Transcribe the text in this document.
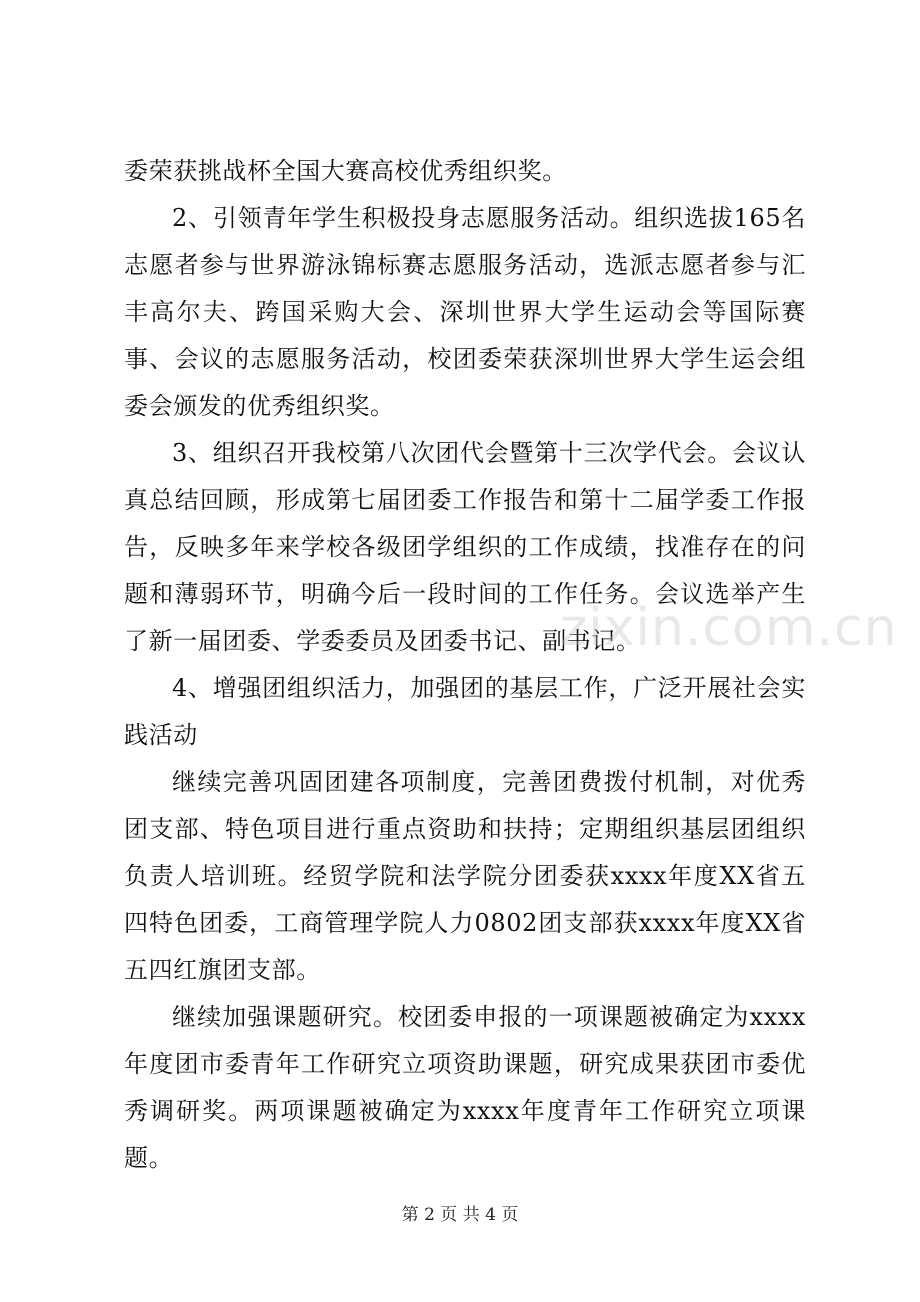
委荣获挑战杯全国大赛高校优秀组织奖。

2、引领青年学生积极投身志愿服务活动。组织选拔165名志愿者参与世界游泳锦标赛志愿服务活动，选派志愿者参与汇丰高尔夫、跨国采购大会、深圳世界大学生运动会等国际赛事、会议的志愿服务活动，校团委荣获深圳世界大学生运会组委会颁发的优秀组织奖。

3、组织召开我校第八次团代会暨第十三次学代会。会议认真总结回顾，形成第七届团委工作报告和第十二届学委工作报告，反映多年来学校各级团学组织的工作成绩，找准存在的问题和薄弱环节，明确今后一段时间的工作任务。会议选举产生了新一届团委、学委委员及团委书记、副书记。

4、增强团组织活力，加强团的基层工作，广泛开展社会实践活动

继续完善巩固团建各项制度，完善团费拨付机制，对优秀团支部、特色项目进行重点资助和扶持；定期组织基层团组织负责人培训班。经贸学院和法学院分团委获xxxx年度XX省五四特色团委，工商管理学院人力0802团支部获xxxx年度XX省五四红旗团支部。

继续加强课题研究。校团委申报的一项课题被确定为xxxx年度团市委青年工作研究立项资助课题，研究成果获团市委优秀调研奖。两项课题被确定为xxxx年度青年工作研究立项课题。

zixin.com.cn
第 2 页 共 4 页
